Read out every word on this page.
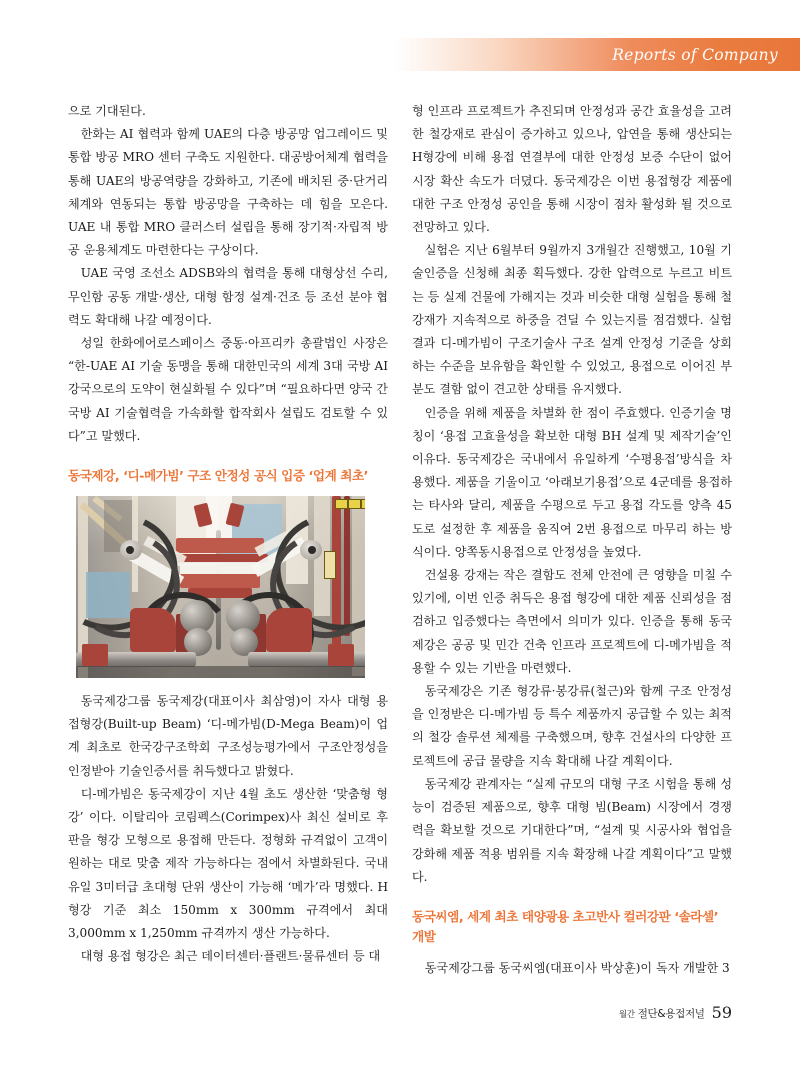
Reports of Company

으로 기대된다.

한화는 AI 협력과 함께 UAE의 다층 방공망 업그레이드 및 통합 방공 MRO 센터 구축도 지원한다. 대공방어체계 협력을 통해 UAE의 방공역량을 강화하고, 기존에 배치된 중·단거리 체계와 연동되는 통합 방공망을 구축하는 데 힘을 모은다. UAE 내 통합 MRO 클러스터 설립을 통해 장기적·자립적 방공 운용체계도 마련한다는 구상이다.

UAE 국영 조선소 ADSB와의 협력을 통해 대형상선 수리, 무인함 공동 개발·생산, 대형 함정 설계·건조 등 조선 분야 협력도 확대해 나갈 예정이다.

성일 한화에어로스페이스 중동·아프리카 총괄법인 사장은 “한-UAE AI 기술 동맹을 통해 대한민국의 세계 3대 국방 AI 강국으로의 도약이 현실화될 수 있다”며 “필요하다면 양국 간 국방 AI 기술협력을 가속화할 합작회사 설립도 검토할 수 있다”고 말했다.

동국제강, ‘디-메가빔’ 구조 안정성 공식 입증 ‘업계 최초’

동국제강그룹 동국제강(대표이사 최삼영)이 자사 대형 용접형강(Built-up Beam) ‘디-메가빔(D-Mega Beam)이 업계 최초로 한국강구조학회 구조성능평가에서 구조안정성을 인정받아 기술인증서를 취득했다고 밝혔다.

디-메가빔은 동국제강이 지난 4월 초도 생산한 ‘맞춤형 형강’ 이다. 이탈리아 코림펙스(Corimpex)사 최신 설비로 후판을 형강 모형으로 용접해 만든다. 정형화 규격없이 고객이 원하는 대로 맞춤 제작 가능하다는 점에서 차별화된다. 국내 유일 3미터급 초대형 단위 생산이 가능해 ‘메가’라 명했다. H형강 기준 최소 150mm x 300mm 규격에서 최대 3,000mm x 1,250mm 규격까지 생산 가능하다.

대형 용접 형강은 최근 데이터센터·플랜트·물류센터 등 대

형 인프라 프로젝트가 추진되며 안정성과 공간 효율성을 고려한 철강재로 관심이 증가하고 있으나, 압연을 통해 생산되는 H형강에 비해 용접 연결부에 대한 안정성 보증 수단이 없어 시장 확산 속도가 더뎠다. 동국제강은 이번 용접형강 제품에 대한 구조 안정성 공인을 통해 시장이 점차 활성화 될 것으로 전망하고 있다.

실험은 지난 6월부터 9월까지 3개월간 진행했고, 10월 기술인증을 신청해 최종 획득했다. 강한 압력으로 누르고 비트는 등 실제 건물에 가해지는 것과 비슷한 대형 실험을 통해 철강재가 지속적으로 하중을 견딜 수 있는지를 점검했다. 실험 결과 디-메가빔이 구조기술사 구조 설계 안정성 기준을 상회하는 수준을 보유함을 확인할 수 있었고, 용접으로 이어진 부분도 결함 없이 견고한 상태를 유지했다.

인증을 위해 제품을 차별화 한 점이 주효했다. 인증기술 명칭이 ‘용접 고효율성을 확보한 대형 BH 설계 및 제작기술’인 이유다. 동국제강은 국내에서 유일하게 ‘수평용접’방식을 차용했다. 제품을 기울이고 ‘아래보기용접’으로 4군데를 용접하는 타사와 달리, 제품을 수평으로 두고 용접 각도를 양측 45도로 설정한 후 제품을 움직여 2번 용접으로 마무리 하는 방식이다. 양쪽동시용접으로 안정성을 높였다.

건설용 강재는 작은 결함도 전체 안전에 큰 영향을 미칠 수 있기에, 이번 인증 취득은 용접 형강에 대한 제품 신뢰성을 점검하고 입증했다는 측면에서 의미가 있다. 인증을 통해 동국제강은 공공 및 민간 건축 인프라 프로젝트에 디-메가빔을 적용할 수 있는 기반을 마련했다.

동국제강은 기존 형강류·봉강류(철근)와 함께 구조 안정성을 인정받은 디-메가빔 등 특수 제품까지 공급할 수 있는 최적의 철강 솔루션 체제를 구축했으며, 향후 건설사의 다양한 프로젝트에 공급 물량을 지속 확대해 나갈 계획이다.

동국제강 관계자는 “실제 규모의 대형 구조 시험을 통해 성능이 검증된 제품으로, 향후 대형 빔(Beam) 시장에서 경쟁력을 확보할 것으로 기대한다”며, “설계 및 시공사와 협업을 강화해 제품 적용 범위를 지속 확장해 나갈 계획이다”고 말했다.

동국씨엠, 세계 최초 태양광용 초고반사 컬러강판 ‘솔라셀’ 개발

동국제강그룹 동국씨엠(대표이사 박상훈)이 독자 개발한 3

월간 절단&용접저널 59
